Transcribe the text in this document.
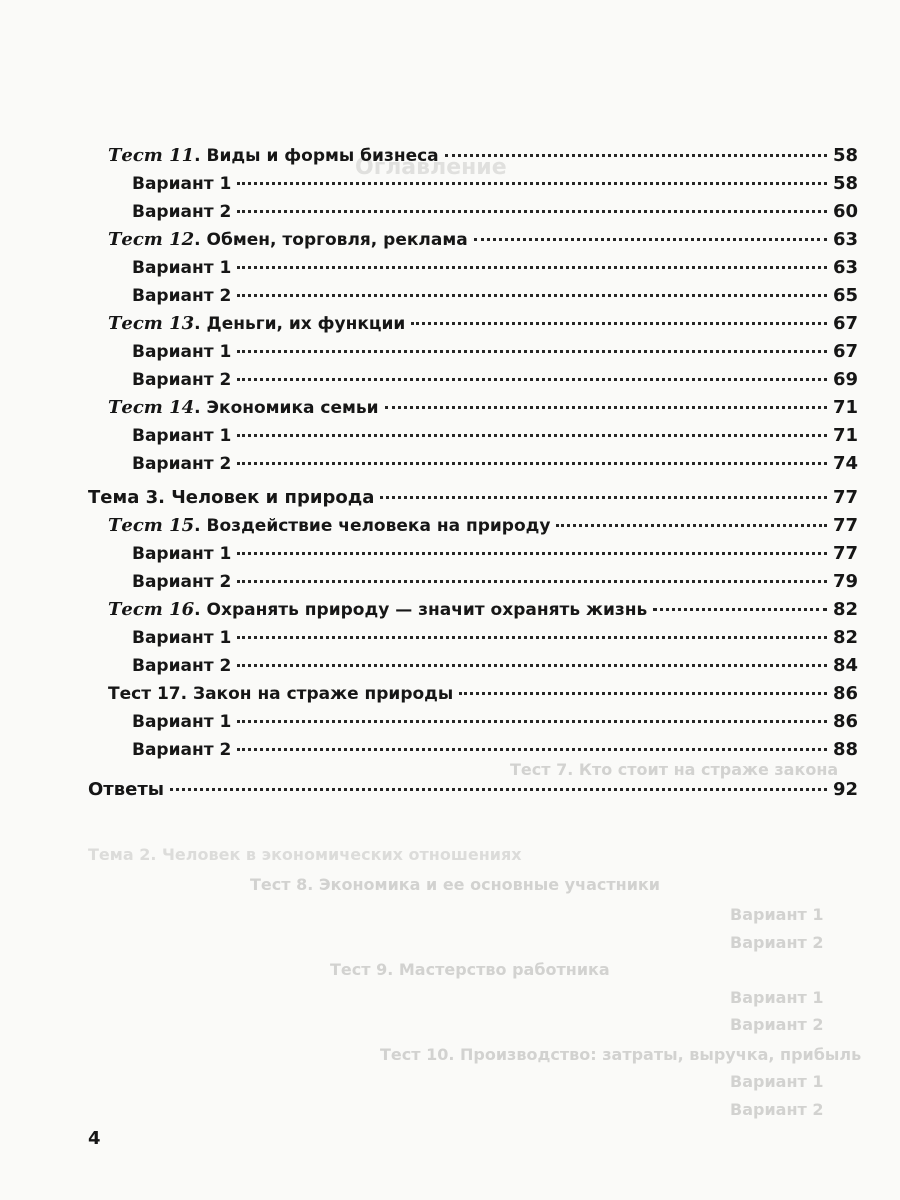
Оглавление
Тест 7. Кто стоит на страже закона
Тема 2. Человек в экономических отношениях
Тест 8. Экономика и ее основные участники
Вариант 1
Вариант 2
Тест 9. Мастерство работника
Вариант 1
Вариант 2
Тест 10. Производство: затраты, выручка, прибыль
Вариант 1
Вариант 2
Тест 11. Виды и формы бизнеса	58
Вариант 1	58
Вариант 2	60
Тест 12. Обмен, торговля, реклама	63
Вариант 1	63
Вариант 2	65
Тест 13. Деньги, их функции	67
Вариант 1	67
Вариант 2	69
Тест 14. Экономика семьи	71
Вариант 1	71
Вариант 2	74
Тема 3. Человек и природа	77
Тест 15. Воздействие человека на природу	77
Вариант 1	77
Вариант 2	79
Тест 16. Охранять природу — значит охранять жизнь	82
Вариант 1	82
Вариант 2	84
Тест 17. Закон на страже природы	86
Вариант 1	86
Вариант 2	88
Ответы	92
4
